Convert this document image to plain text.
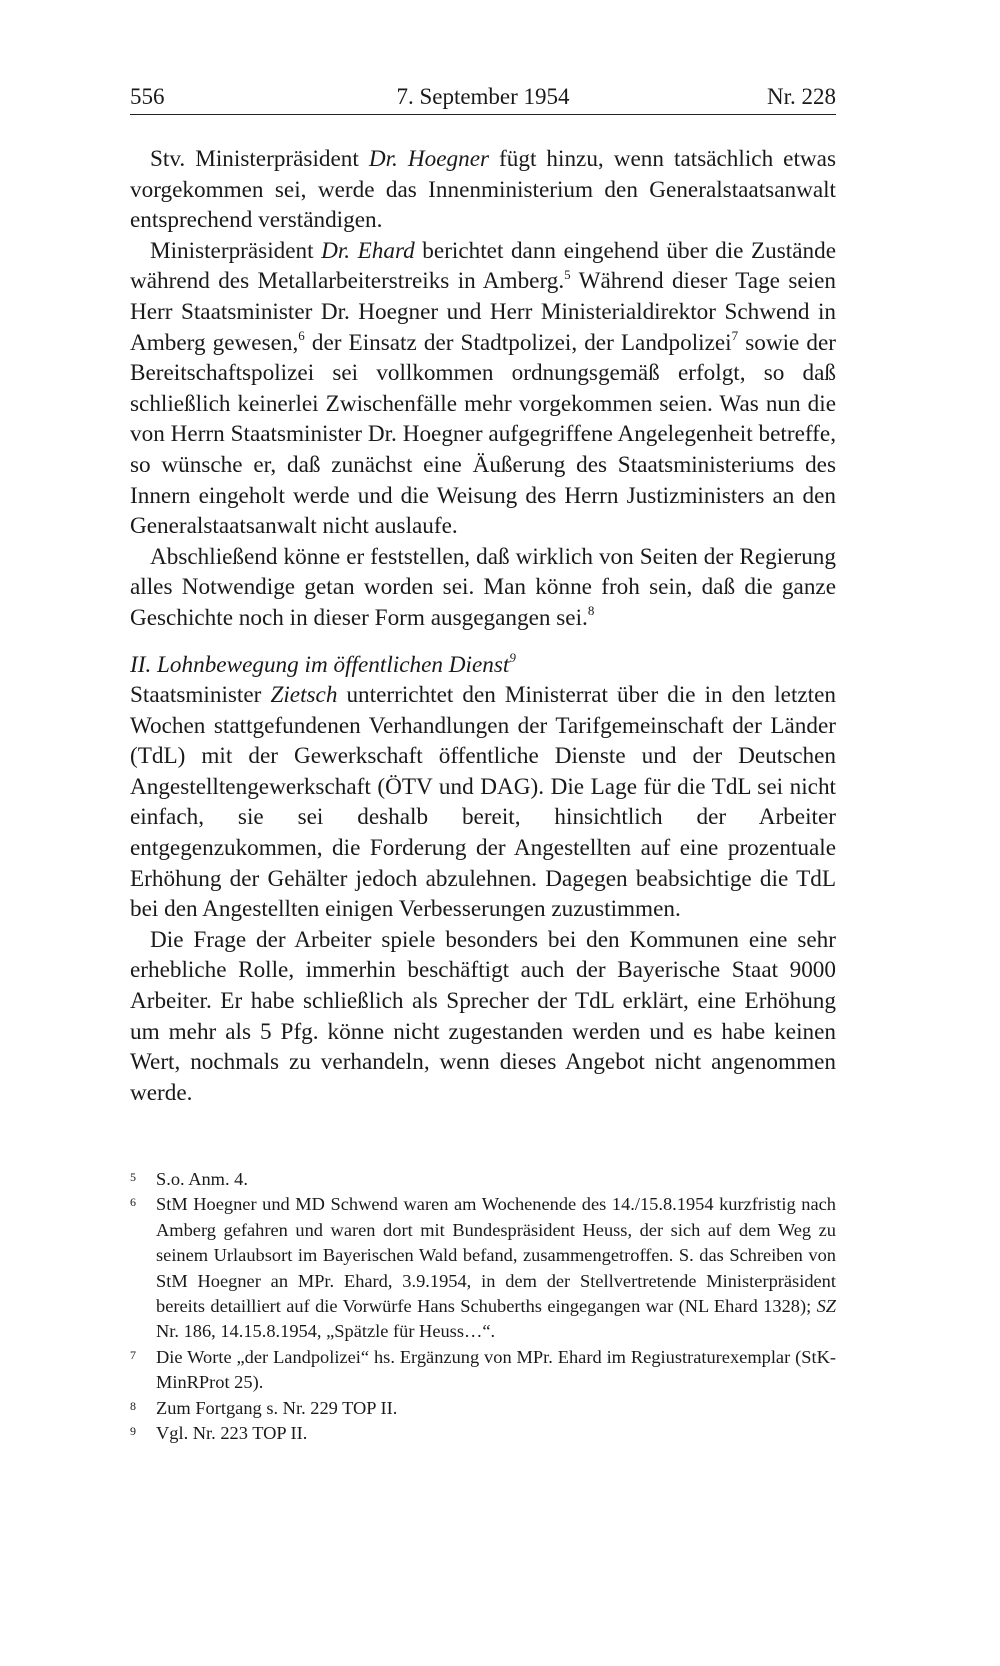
556	7. September 1954	Nr. 228

Stv. Ministerpräsident Dr. Hoegner fügt hinzu, wenn tatsächlich etwas vorgekommen sei, werde das Innenministerium den Generalstaatsanwalt entsprechend verständigen.

Ministerpräsident Dr. Ehard berichtet dann eingehend über die Zustände während des Metallarbeiterstreiks in Amberg.$^5$ Während dieser Tage seien Herr Staatsminister Dr. Hoegner und Herr Ministerialdirektor Schwend in Amberg gewesen,$^6$ der Einsatz der Stadtpolizei, der Landpolizei$^7$ sowie der Bereitschaftspolizei sei vollkommen ordnungsgemäß erfolgt, so daß schließlich keinerlei Zwischenfälle mehr vorgekommen seien. Was nun die von Herrn Staatsminister Dr. Hoegner aufgegriffene Angelegenheit betreffe, so wünsche er, daß zunächst eine Äußerung des Staatsministeriums des Innern eingeholt werde und die Weisung des Herrn Justizministers an den Generalstaatsanwalt nicht auslaufe.

Abschließend könne er feststellen, daß wirklich von Seiten der Regierung alles Notwendige getan worden sei. Man könne froh sein, daß die ganze Geschichte noch in dieser Form ausgegangen sei.$^8$

II. Lohnbewegung im öffentlichen Dienst$^9$

Staatsminister Zietsch unterrichtet den Ministerrat über die in den letzten Wochen stattgefundenen Verhandlungen der Tarifgemeinschaft der Länder (TdL) mit der Gewerkschaft öffentliche Dienste und der Deutschen Angestelltengewerkschaft (ÖTV und DAG). Die Lage für die TdL sei nicht einfach, sie sei deshalb bereit, hinsichtlich der Arbeiter entgegenzukommen, die Forderung der Angestellten auf eine prozentuale Erhöhung der Gehälter jedoch abzulehnen. Dagegen beabsichtige die TdL bei den Angestellten einigen Verbesserungen zuzustimmen.

Die Frage der Arbeiter spiele besonders bei den Kommunen eine sehr erhebliche Rolle, immerhin beschäftigt auch der Bayerische Staat 9000 Arbeiter. Er habe schließlich als Sprecher der TdL erklärt, eine Erhöhung um mehr als 5 Pfg. könne nicht zugestanden werden und es habe keinen Wert, nochmals zu verhandeln, wenn dieses Angebot nicht angenommen werde.

5	S.o. Anm. 4.
6	StM Hoegner und MD Schwend waren am Wochenende des 14./15.8.1954 kurzfristig nach Amberg gefahren und waren dort mit Bundespräsident Heuss, der sich auf dem Weg zu seinem Urlaubsort im Bayerischen Wald befand, zusammengetroffen. S. das Schreiben von StM Hoegner an MPr. Ehard, 3.9.1954, in dem der Stellvertretende Ministerpräsident bereits detailliert auf die Vorwürfe Hans Schuberths eingegangen war (NL Ehard 1328); SZ Nr. 186, 14.15.8.1954, „Spätzle für Heuss…“.
7	Die Worte „der Landpolizei“ hs. Ergänzung von MPr. Ehard im Regiustraturexemplar (StK-MinRProt 25).
8	Zum Fortgang s. Nr. 229 TOP II.
9	Vgl. Nr. 223 TOP II.
